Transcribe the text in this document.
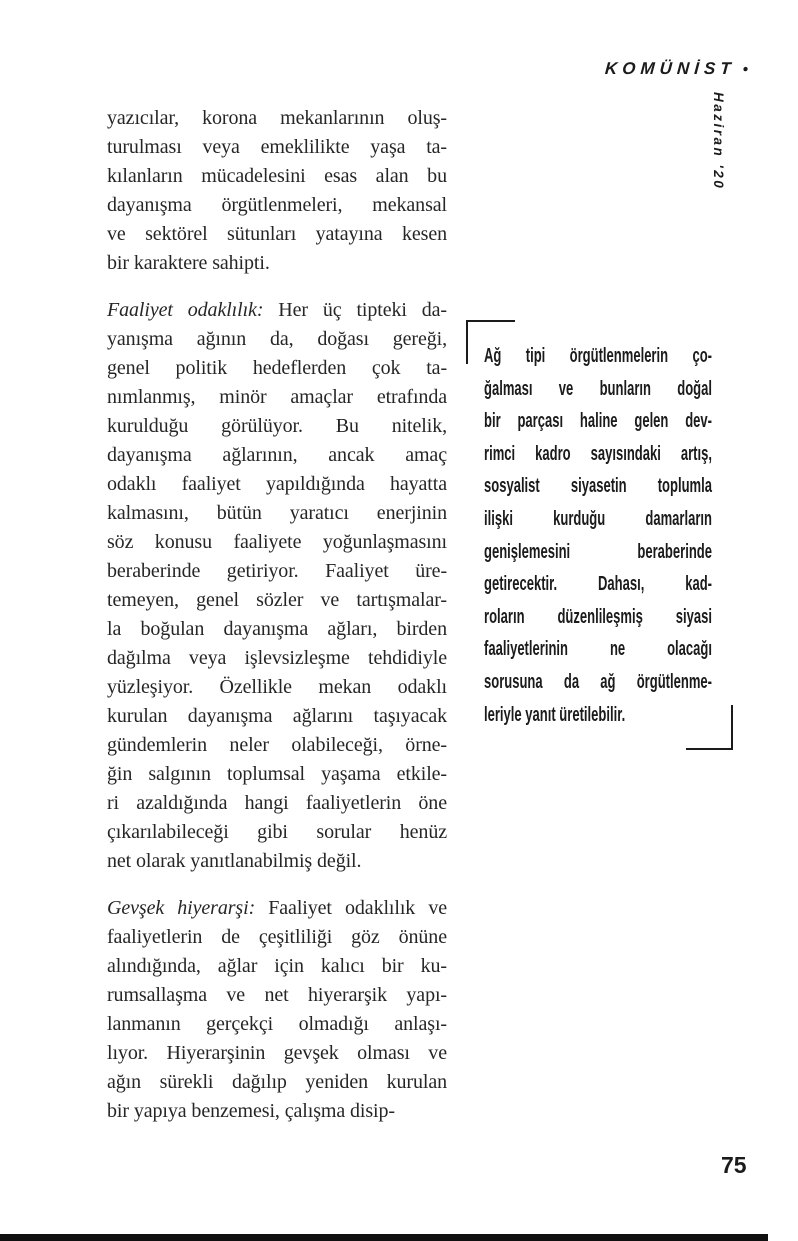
KOMÜNİST •
Haziran '20
yazıcılar, korona mekanlarının oluş-
turulması veya emeklilikte yaşa ta-
kılanların mücadelesini esas alan bu
dayanışma örgütlenmeleri, mekansal
ve sektörel sütunları yatayına kesen
bir karaktere sahipti.
Faaliyet odaklılık: Her üç tipteki da-
yanışma ağının da, doğası gereği,
genel politik hedeflerden çok ta-
nımlanmış, minör amaçlar etrafında
kurulduğu görülüyor. Bu nitelik,
dayanışma ağlarının, ancak amaç
odaklı faaliyet yapıldığında hayatta
kalmasını, bütün yaratıcı enerjinin
söz konusu faaliyete yoğunlaşmasını
beraberinde getiriyor. Faaliyet üre-
temeyen, genel sözler ve tartışmalar-
la boğulan dayanışma ağları, birden
dağılma veya işlevsizleşme tehdidiyle
yüzleşiyor. Özellikle mekan odaklı
kurulan dayanışma ağlarını taşıyacak
gündemlerin neler olabileceği, örne-
ğin salgının toplumsal yaşama etkile-
ri azaldığında hangi faaliyetlerin öne
çıkarılabileceği gibi sorular henüz
net olarak yanıtlanabilmiş değil.
Gevşek hiyerarşi: Faaliyet odaklılık ve
faaliyetlerin de çeşitliliği göz önüne
alındığında, ağlar için kalıcı bir ku-
rumsallaşma ve net hiyerarşik yapı-
lanmanın gerçekçi olmadığı anlaşı-
lıyor. Hiyerarşinin gevşek olması ve
ağın sürekli dağılıp yeniden kurulan
bir yapıya benzemesi, çalışma disip-
Ağ tipi örgütlenmelerin ço-
ğalması ve bunların doğal
bir parçası haline gelen dev-
rimci kadro sayısındaki artış,
sosyalist siyasetin toplumla
ilişki kurduğu damarların
genişlemesini beraberinde
getirecektir. Dahası, kad-
roların düzenlileşmiş siyasi
faaliyetlerinin ne olacağı
sorusuna da ağ örgütlenme-
leriyle yanıt üretilebilir.
75
